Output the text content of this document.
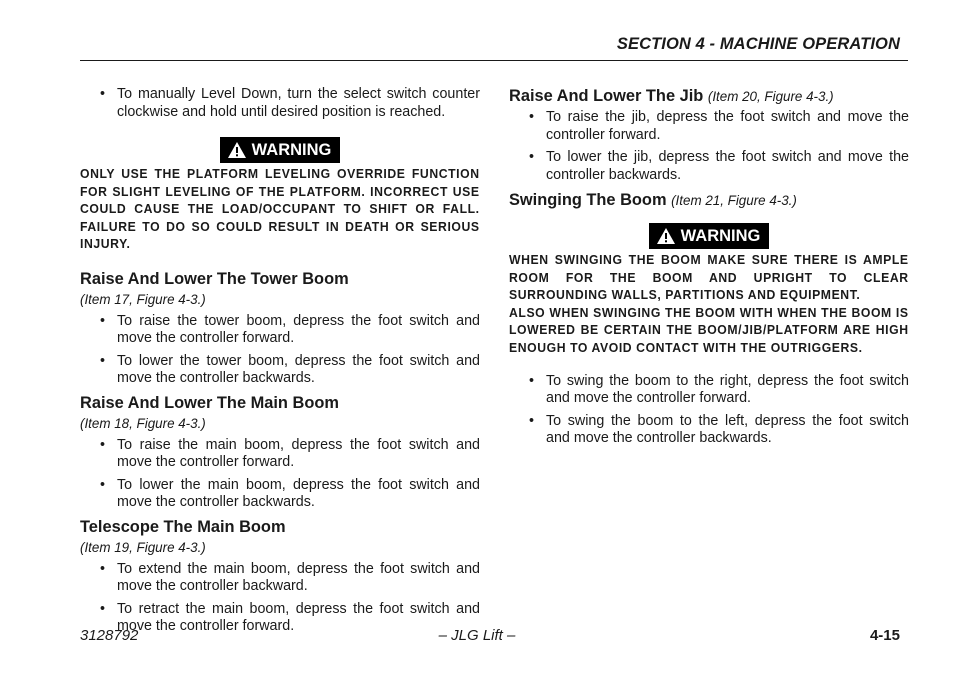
SECTION 4 - MACHINE OPERATION
• To manually Level Down, turn the select switch counter clockwise and hold until desired position is reached.
WARNING

ONLY USE THE PLATFORM LEVELING OVERRIDE FUNCTION FOR SLIGHT LEVELING OF THE PLATFORM. INCORRECT USE COULD CAUSE THE LOAD/OCCUPANT TO SHIFT OR FALL. FAILURE TO DO SO COULD RESULT IN DEATH OR SERIOUS INJURY.

Raise And Lower The Tower Boom

(Item 17, Figure 4-3.)

• To raise the tower boom, depress the foot switch and move the controller forward.
• To lower the tower boom, depress the foot switch and move the controller backwards.

Raise And Lower The Main Boom

(Item 18, Figure 4-3.)

• To raise the main boom, depress the foot switch and move the controller forward.
• To lower the main boom, depress the foot switch and move the controller backwards.

Telescope The Main Boom

(Item 19, Figure 4-3.)

• To extend the main boom, depress the foot switch and move the controller backward.
• To retract the main boom, depress the foot switch and move the controller forward.

Raise And Lower The Jib (Item 20, Figure 4-3.)

• To raise the jib, depress the foot switch and move the controller forward.
• To lower the jib, depress the foot switch and move the controller backwards.

Swinging The Boom (Item 21, Figure 4-3.)

WARNING

WHEN SWINGING THE BOOM MAKE SURE THERE IS AMPLE ROOM FOR THE BOOM AND UPRIGHT TO CLEAR SURROUNDING WALLS, PARTITIONS AND EQUIPMENT.

ALSO WHEN SWINGING THE BOOM WITH WHEN THE BOOM IS LOWERED BE CERTAIN THE BOOM/JIB/PLATFORM ARE HIGH ENOUGH TO AVOID CONTACT WITH THE OUTRIGGERS.

• To swing the boom to the right, depress the foot switch and move the controller forward.
• To swing the boom to the left, depress the foot switch and move the controller backwards.
3128792	– JLG Lift –	4-15
